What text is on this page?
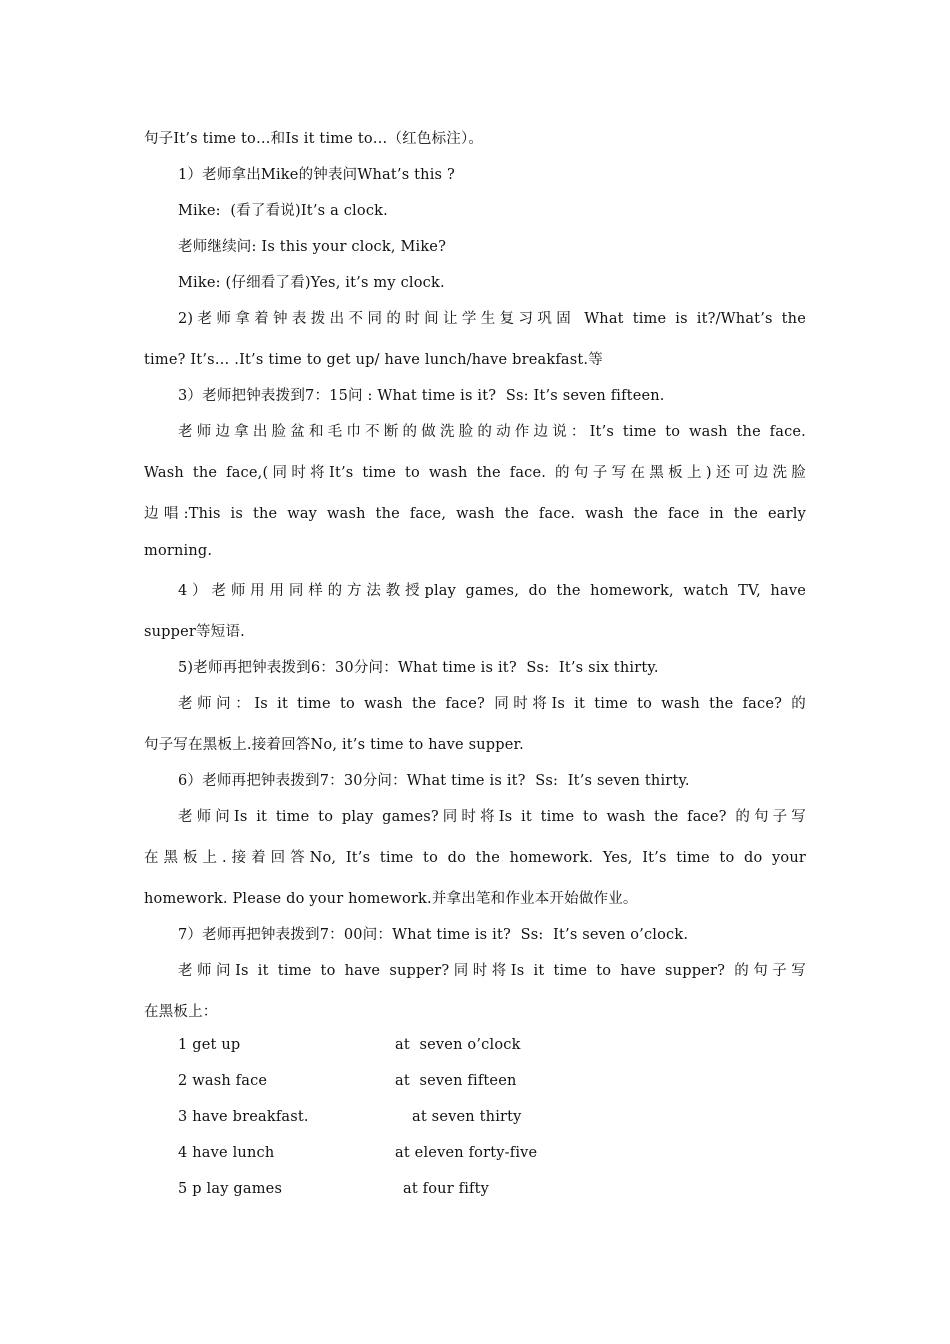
句子It’s time to…和Is it time to…（红色标注）。
1）老师拿出Mike的钟表问What’s this ?
Mike:  (看了看说)It’s a clock.
老师继续问: Is this your clock, Mike?
Mike: (仔细看了看)Yes, it’s my clock.
2)老师拿着钟表拨出不同的时间让学生复习巩固 What time is it?/What’s the
time? It’s… .It’s time to get up/ have lunch/have breakfast.等
3）老师把钟表拨到7：15问 : What time is it?  Ss: It’s seven fifteen.
老师边拿出脸盆和毛巾不断的做洗脸的动作边说：It’s time to wash the face.
Wash the face,(同时将It’s time to wash the face. 的句子写在黑板上)还可边洗脸
边唱:This is the way wash the face, wash the face. wash the face in the early
morning.
4）老师用用同样的方法教授play games, do the homework, watch TV, have
supper等短语.
5)老师再把钟表拨到6：30分问：What time is it?  Ss:  It’s six thirty.
老师问：Is it time to wash the face? 同时将Is it time to wash the face? 的
句子写在黑板上.接着回答No, it’s time to have supper.
6）老师再把钟表拨到7：30分问：What time is it?  Ss:  It’s seven thirty.
老师问Is it time to play games?同时将Is it time to wash the face? 的句子写
在黑板上.接着回答No, It’s time to do the homework. Yes, It’s time to do your
homework. Please do your homework.并拿出笔和作业本开始做作业。
7）老师再把钟表拨到7：00问：What time is it?  Ss:  It’s seven o’clock.
老师问Is it time to have supper?同时将Is it time to have supper? 的句子写
在黑板上：
1 get up	at  seven o’clock
2 wash face	at  seven fifteen
3 have breakfast.	at seven thirty
4 have lunch	at eleven forty-five
5 p lay games	at four fifty
